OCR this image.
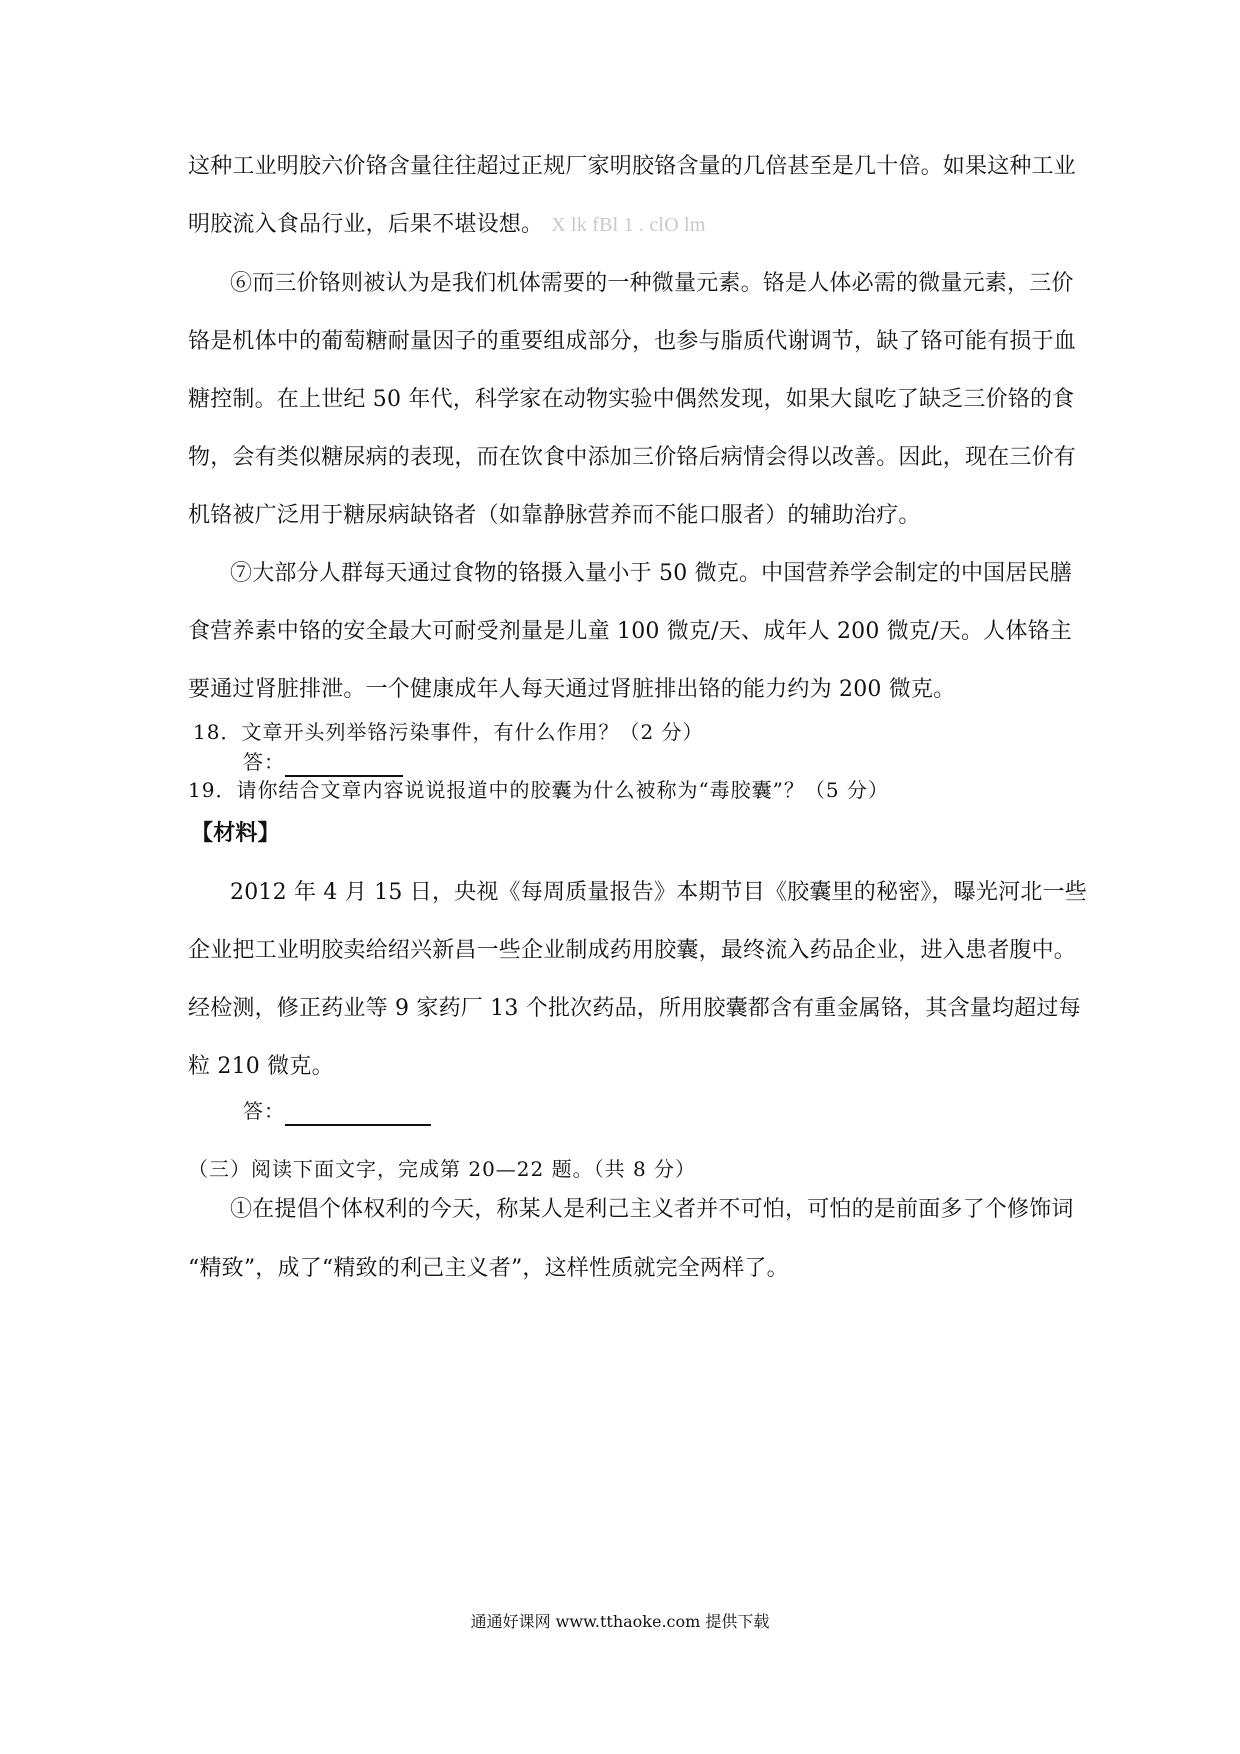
这种工业明胶六价铬含量往往超过正规厂家明胶铬含量的几倍甚至是几十倍。如果这种工业
明胶流入食品行业，后果不堪设想。 X lk fBl 1 . clO lm
⑥而三价铬则被认为是我们机体需要的一种微量元素。铬是人体必需的微量元素，三价
铬是机体中的葡萄糖耐量因子的重要组成部分，也参与脂质代谢调节，缺了铬可能有损于血
糖控制。在上世纪 50 年代，科学家在动物实验中偶然发现，如果大鼠吃了缺乏三价铬的食
物，会有类似糖尿病的表现，而在饮食中添加三价铬后病情会得以改善。因此，现在三价有
机铬被广泛用于糖尿病缺铬者（如靠静脉营养而不能口服者）的辅助治疗。
⑦大部分人群每天通过食物的铬摄入量小于 50 微克。中国营养学会制定的中国居民膳
食营养素中铬的安全最大可耐受剂量是儿童 100 微克/天、成年人 200 微克/天。人体铬主
要通过肾脏排泄。一个健康成年人每天通过肾脏排出铬的能力约为 200 微克。
18．文章开头列举铬污染事件，有什么作用？（2 分）
答：
19．请你结合文章内容说说报道中的胶囊为什么被称为“毒胶囊”？（5 分）
【材料】
2012 年 4 月 15 日，央视《每周质量报告》本期节目《胶囊里的秘密》，曝光河北一些
企业把工业明胶卖给绍兴新昌一些企业制成药用胶囊，最终流入药品企业，进入患者腹中。
经检测，修正药业等 9 家药厂 13 个批次药品，所用胶囊都含有重金属铬，其含量均超过每
粒 210 微克。
答：
（三）阅读下面文字，完成第 20—22 题。（共 8 分）
①在提倡个体权利的今天，称某人是利己主义者并不可怕，可怕的是前面多了个修饰词
“精致”，成了“精致的利己主义者”，这样性质就完全两样了。
通通好课网 www.tthaoke.com 提供下载
